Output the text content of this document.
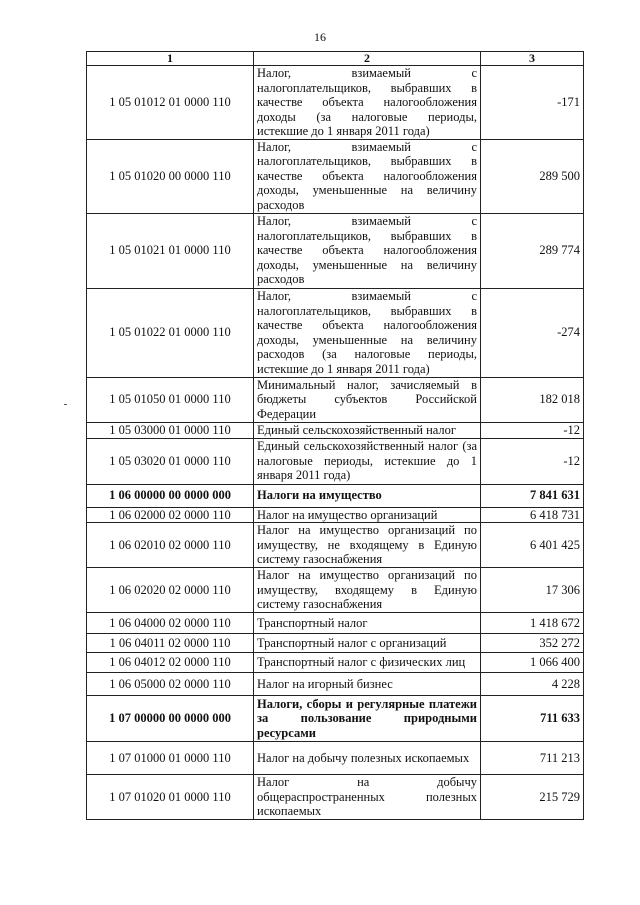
16
1	2	3
1 05 01012 01 0000 110	Налог, взимаемый с налогоплательщиков, выбравших в качестве объекта налогообложения доходы (за налоговые периоды, истекшие до 1 января 2011 года)	-171
1 05 01020 00 0000 110	Налог, взимаемый с налогоплательщиков, выбравших в качестве объекта налогообложения доходы, уменьшенные на величину расходов	289 500
1 05 01021 01 0000 110	Налог, взимаемый с налогоплательщиков, выбравших в качестве объекта налогообложения доходы, уменьшенные на величину расходов	289 774
1 05 01022 01 0000 110	Налог, взимаемый с налогоплательщиков, выбравших в качестве объекта налогообложения доходы, уменьшенные на величину расходов (за налоговые периоды, истекшие до 1 января 2011 года)	-274
1 05 01050 01 0000 110	Минимальный налог, зачисляемый в бюджеты субъектов Российской Федерации	182 018
1 05 03000 01 0000 110	Единый сельскохозяйственный налог	-12
1 05 03020 01 0000 110	Единый сельскохозяйственный налог (за налоговые периоды, истекшие до 1 января 2011 года)	-12
1 06 00000 00 0000 000	Налоги на имущество	7 841 631
1 06 02000 02 0000 110	Налог на имущество организаций	6 418 731
1 06 02010 02 0000 110	Налог на имущество организаций по имуществу, не входящему в Единую систему газоснабжения	6 401 425
1 06 02020 02 0000 110	Налог на имущество организаций по имуществу, входящему в Единую систему газоснабжения	17 306
1 06 04000 02 0000 110	Транспортный налог	1 418 672
1 06 04011 02 0000 110	Транспортный налог с организаций	352 272
1 06 04012 02 0000 110	Транспортный налог с физических лиц	1 066 400
1 06 05000 02 0000 110	Налог на игорный бизнес	4 228
1 07 00000 00 0000 000	Налоги, сборы и регулярные платежи за пользование природными ресурсами	711 633
1 07 01000 01 0000 110	Налог на добычу полезных ископаемых	711 213
1 07 01020 01 0000 110	Налог на добычу общераспространенных полезных ископаемых	215 729
